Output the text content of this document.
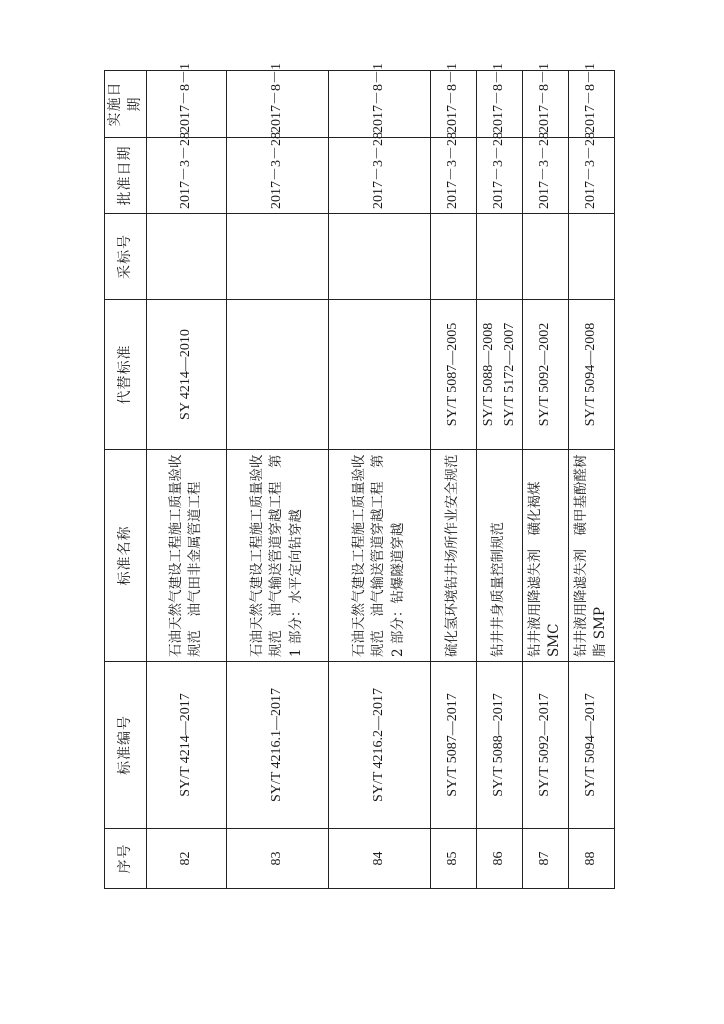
序号	标准编号	标准名称	代替标准	采标号	批准日期	实施日期
82	SY/T 4214—2017	石油天然气建设工程施工质量验收规范　油气田非金属管道工程	SY 4214—2010		2017－3－28	2017－8－1
83	SY/T 4216.1—2017	石油天然气建设工程施工质量验收规范　油气输送管道穿越工程　第 1 部分：水平定向钻穿越			2017－3－28	2017－8－1
84	SY/T 4216.2—2017	石油天然气建设工程施工质量验收规范　油气输送管道穿越工程　第 2 部分：钻爆隧道穿越			2017－3－28	2017－8－1
85	SY/T 5087—2017	硫化氢环境钻井场所作业安全规范	SY/T 5087—2005		2017－3－28	2017－8－1
86	SY/T 5088—2017	钻井井身质量控制规范	SY/T 5088—2008 SY/T 5172—2007		2017－3－28	2017－8－1
87	SY/T 5092—2017	钻井液用降滤失剂　磺化褐煤 SMC	SY/T 5092—2002		2017－3－28	2017－8－1
88	SY/T 5094—2017	钻井液用降滤失剂　磺甲基酚醛树脂 SMP	SY/T 5094—2008		2017－3－28	2017－8－1
